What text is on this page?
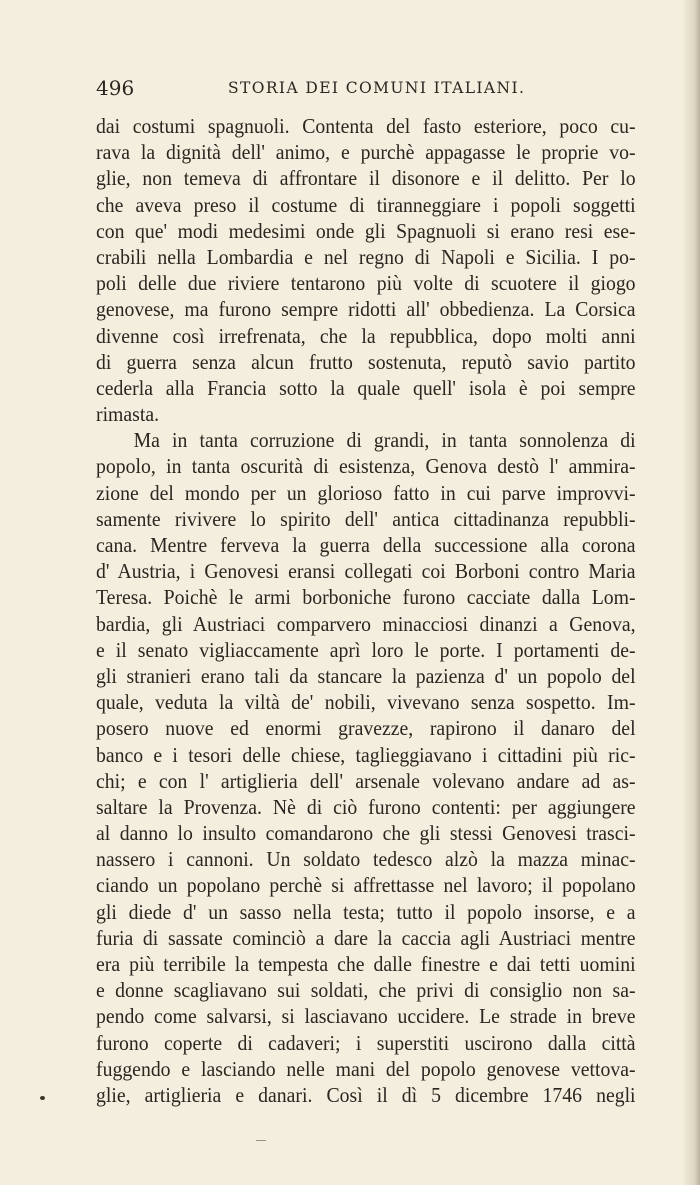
496	STORIA DEI COMUNI ITALIANI.
dai costumi spagnuoli. Contenta del fasto esteriore, poco cu-
rava la dignità dell' animo, e purchè appagasse le proprie vo-
glie, non temeva di affrontare il disonore e il delitto. Per lo
che aveva preso il costume di tiranneggiare i popoli soggetti
con que' modi medesimi onde gli Spagnuoli si erano resi ese-
crabili nella Lombardia e nel regno di Napoli e Sicilia. I po-
poli delle due riviere tentarono più volte di scuotere il giogo
genovese, ma furono sempre ridotti all' obbedienza. La Corsica
divenne così irrefrenata, che la repubblica, dopo molti anni
di guerra senza alcun frutto sostenuta, reputò savio partito
cederla alla Francia sotto la quale quell' isola è poi sempre
rimasta.
Ma in tanta corruzione di grandi, in tanta sonnolenza di
popolo, in tanta oscurità di esistenza, Genova destò l' ammira-
zione del mondo per un glorioso fatto in cui parve improvvi-
samente rivivere lo spirito dell' antica cittadinanza repubbli-
cana. Mentre ferveva la guerra della successione alla corona
d' Austria, i Genovesi eransi collegati coi Borboni contro Maria
Teresa. Poichè le armi borboniche furono cacciate dalla Lom-
bardia, gli Austriaci comparvero minacciosi dinanzi a Genova,
e il senato vigliaccamente aprì loro le porte. I portamenti de-
gli stranieri erano tali da stancare la pazienza d' un popolo del
quale, veduta la viltà de' nobili, vivevano senza sospetto. Im-
posero nuove ed enormi gravezze, rapirono il danaro del
banco e i tesori delle chiese, taglieggiavano i cittadini più ric-
chi; e con l' artiglieria dell' arsenale volevano andare ad as-
saltare la Provenza. Nè di ciò furono contenti: per aggiungere
al danno lo insulto comandarono che gli stessi Genovesi trasci-
nassero i cannoni. Un soldato tedesco alzò la mazza minac-
ciando un popolano perchè si affrettasse nel lavoro; il popolano
gli diede d' un sasso nella testa; tutto il popolo insorse, e a
furia di sassate cominciò a dare la caccia agli Austriaci mentre
era più terribile la tempesta che dalle finestre e dai tetti uomini
e donne scagliavano sui soldati, che privi di consiglio non sa-
pendo come salvarsi, si lasciavano uccidere. Le strade in breve
furono coperte di cadaveri; i superstiti uscirono dalla città
fuggendo e lasciando nelle mani del popolo genovese vettova-
glie, artiglieria e danari. Così il dì 5 dicembre 1746 negli
